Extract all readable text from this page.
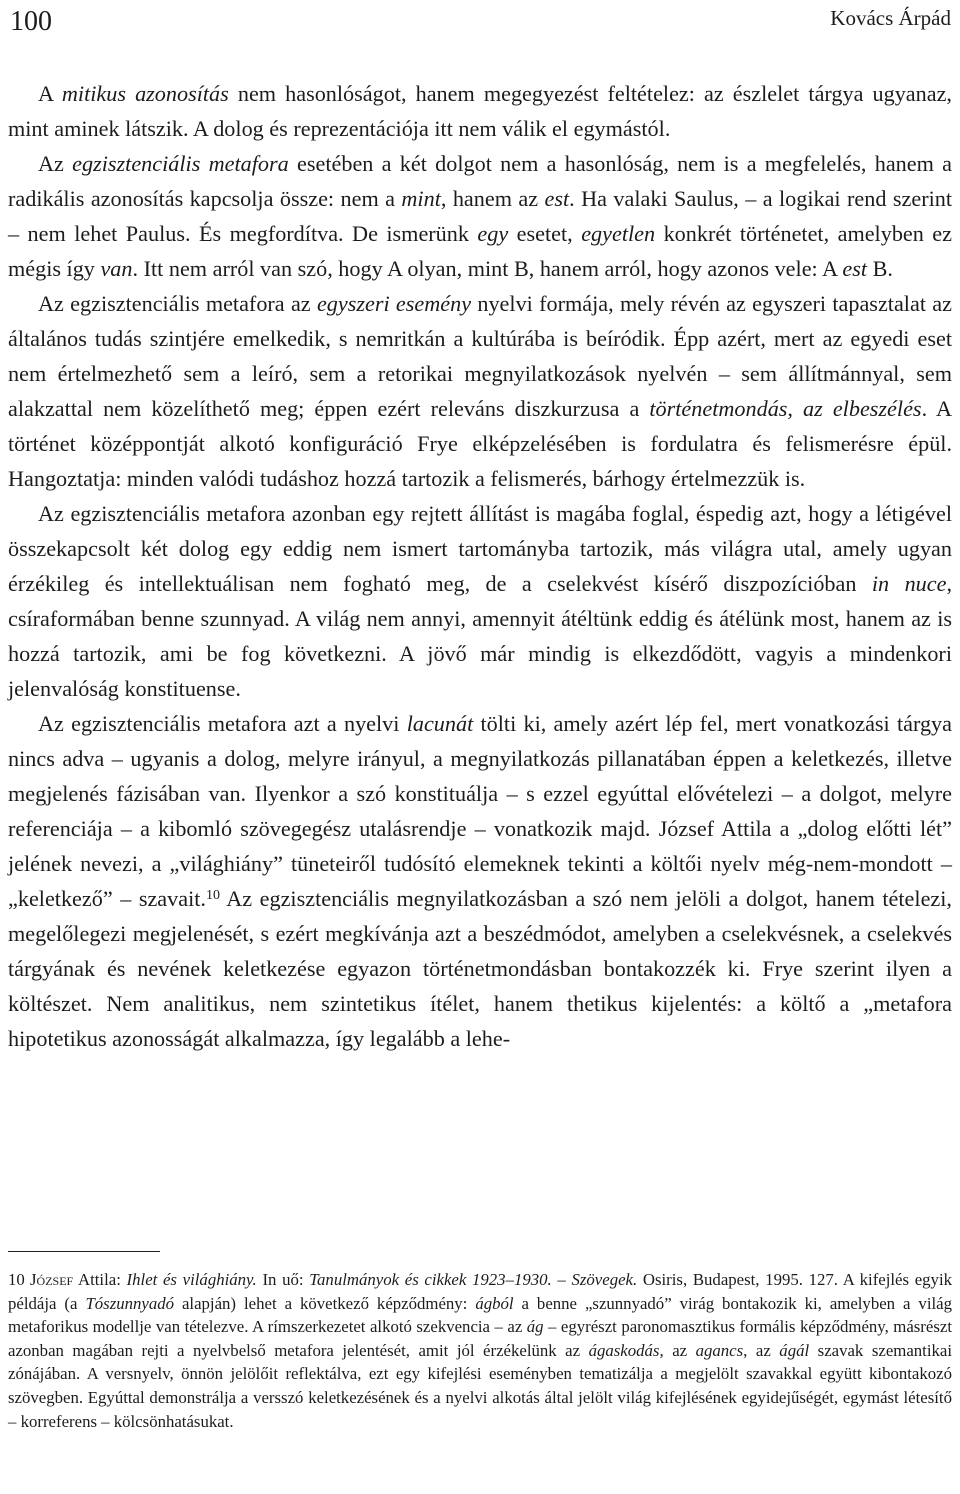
100	Kovács Árpád

A mitikus azonosítás nem hasonlóságot, hanem megegyezést feltételez: az észlelet tárgya ugyanaz, mint aminek látszik. A dolog és reprezentációja itt nem válik el egymástól.

Az egzisztenciális metafora esetében a két dolgot nem a hasonlóság, nem is a megfelelés, hanem a radikális azonosítás kapcsolja össze: nem a mint, hanem az est. Ha valaki Saulus, – a logikai rend szerint – nem lehet Paulus. És megfordítva. De ismerünk egy esetet, egyetlen konkrét történetet, amelyben ez mégis így van. Itt nem arról van szó, hogy A olyan, mint B, hanem arról, hogy azonos vele: A est B.

Az egzisztenciális metafora az egyszeri esemény nyelvi formája, mely révén az egyszeri tapasztalat az általános tudás szintjére emelkedik, s nemritkán a kultúrába is beíródik. Épp azért, mert az egyedi eset nem értelmezhető sem a leíró, sem a retorikai megnyilatkozások nyelvén – sem állítmánnyal, sem alakzattal nem közelíthető meg; éppen ezért releváns diszkurzusa a történetmondás, az elbeszélés. A történet középpontját alkotó konfiguráció Frye elképzelésében is fordulatra és felismerésre épül. Hangoztatja: minden valódi tudáshoz hozzá tartozik a felismerés, bárhogy értelmezzük is.

Az egzisztenciális metafora azonban egy rejtett állítást is magába foglal, éspedig azt, hogy a létigével összekapcsolt két dolog egy eddig nem ismert tartományba tartozik, más világra utal, amely ugyan érzékileg és intellektuálisan nem fogható meg, de a cselekvést kísérő diszpozícióban in nuce, csíraformában benne szunnyad. A világ nem annyi, amennyit átéltünk eddig és átélünk most, hanem az is hozzá tartozik, ami be fog következni. A jövő már mindig is elkezdődött, vagyis a mindenkori jelenvalóság konstituense.

Az egzisztenciális metafora azt a nyelvi lacunát tölti ki, amely azért lép fel, mert vonatkozási tárgya nincs adva – ugyanis a dolog, melyre irányul, a megnyilatkozás pillanatában éppen a keletkezés, illetve megjelenés fázisában van. Ilyenkor a szó konstituálja – s ezzel egyúttal elővételezi – a dolgot, melyre referenciája – a kibomló szövegegész utalásrendje – vonatkozik majd. József Attila a „dolog előtti lét” jelének nevezi, a „világhiány” tüneteiről tudósító elemeknek tekinti a költői nyelv még-nem-mondott – „keletkező” – szavait.$^{10}$ Az egzisztenciális megnyilatkozásban a szó nem jelöli a dolgot, hanem tételezi, megelőlegezi megjelenését, s ezért megkívánja azt a beszédmódot, amelyben a cselekvésnek, a cselekvés tárgyának és nevének keletkezése egyazon történetmondásban bontakozzék ki. Frye szerint ilyen a költészet. Nem analitikus, nem szintetikus ítélet, hanem thetikus kijelentés: a költő a „metafora hipotetikus azonosságát alkalmazza, így legalább a lehe-

10 József Attila: Ihlet és világhiány. In uő: Tanulmányok és cikkek 1923–1930. – Szövegek. Osiris, Budapest, 1995. 127. A kifejlés egyik példája (a Tószunnyadó alapján) lehet a következő képződmény: ágból a benne „szunnyadó” virág bontakozik ki, amelyben a világ metaforikus modellje van tételezve. A rímszerkezetet alkotó szekvencia – az ág – egyrészt paronomasztikus formális képződmény, másrészt azonban magában rejti a nyelvbelső metafora jelentését, amit jól érzékelünk az ágaskodás, az agancs, az ágál szavak szemantikai zónájában. A versnyelv, önnön jelölőit reflektálva, ezt egy kifejlési eseményben tematizálja a megjelölt szavakkal együtt kibontakozó szövegben. Egyúttal demonstrálja a versszó keletkezésének és a nyelvi alkotás által jelölt világ kifejlésének egyidejűségét, egymást létesítő – korreferens – kölcsönhatásukat.
